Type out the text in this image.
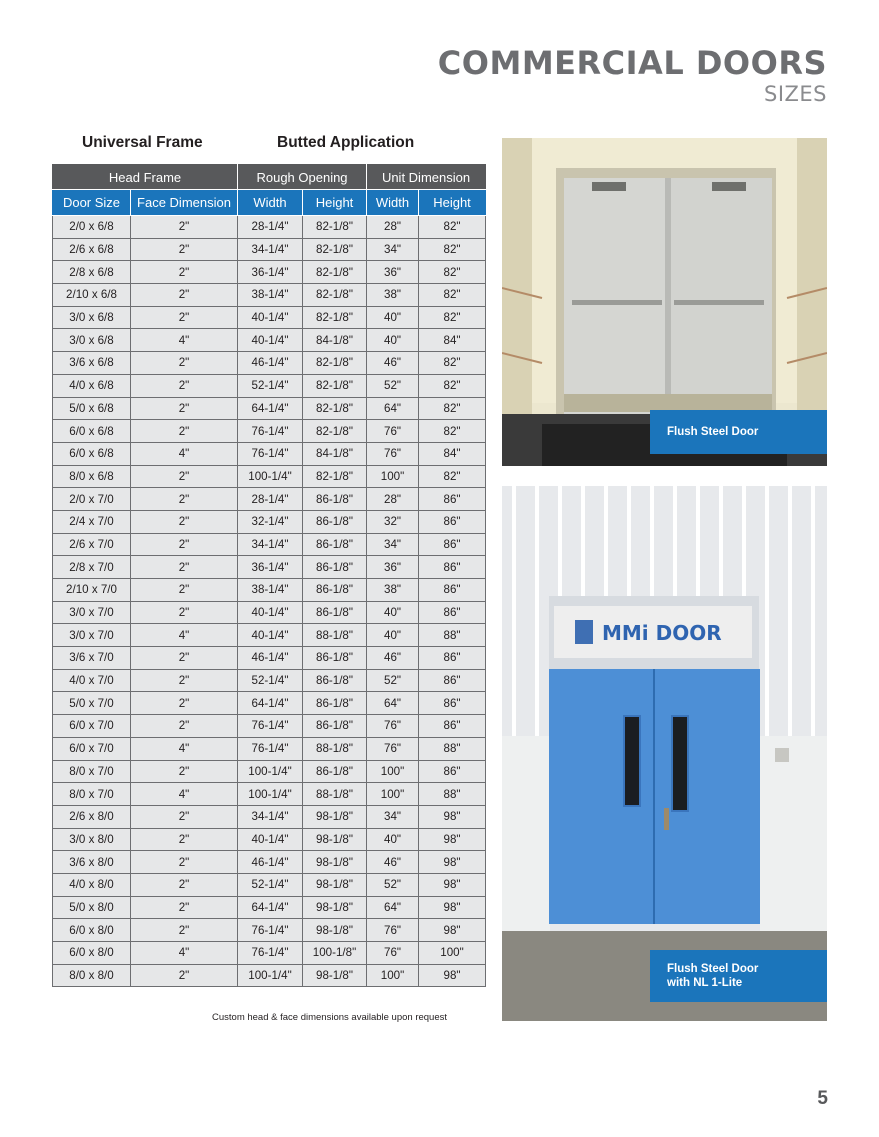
COMMERCIAL DOORS
SIZES
Universal Frame	Butted Application
Head Frame		Rough Opening		Unit Dimension	
Door Size	Face Dimension	Width	Height	Width	Height
2/0 x 6/8	2"	28-1/4"	82-1/8"	28"	82"
2/6 x 6/8	2"	34-1/4"	82-1/8"	34"	82"
2/8 x 6/8	2"	36-1/4"	82-1/8"	36"	82"
2/10 x 6/8	2"	38-1/4"	82-1/8"	38"	82"
3/0 x 6/8	2"	40-1/4"	82-1/8"	40"	82"
3/0 x 6/8	4"	40-1/4"	84-1/8"	40"	84"
3/6 x 6/8	2"	46-1/4"	82-1/8"	46"	82"
4/0 x 6/8	2"	52-1/4"	82-1/8"	52"	82"
5/0 x 6/8	2"	64-1/4"	82-1/8"	64"	82"
6/0 x 6/8	2"	76-1/4"	82-1/8"	76"	82"
6/0 x 6/8	4"	76-1/4"	84-1/8"	76"	84"
8/0 x 6/8	2"	100-1/4"	82-1/8"	100"	82"
2/0 x 7/0	2"	28-1/4"	86-1/8"	28"	86"
2/4 x 7/0	2"	32-1/4"	86-1/8"	32"	86"
2/6 x 7/0	2"	34-1/4"	86-1/8"	34"	86"
2/8 x 7/0	2"	36-1/4"	86-1/8"	36"	86"
2/10 x 7/0	2"	38-1/4"	86-1/8"	38"	86"
3/0 x 7/0	2"	40-1/4"	86-1/8"	40"	86"
3/0 x 7/0	4"	40-1/4"	88-1/8"	40"	88"
3/6 x 7/0	2"	46-1/4"	86-1/8"	46"	86"
4/0 x 7/0	2"	52-1/4"	86-1/8"	52"	86"
5/0 x 7/0	2"	64-1/4"	86-1/8"	64"	86"
6/0 x 7/0	2"	76-1/4"	86-1/8"	76"	86"
6/0 x 7/0	4"	76-1/4"	88-1/8"	76"	88"
8/0 x 7/0	2"	100-1/4"	86-1/8"	100"	86"
8/0 x 7/0	4"	100-1/4"	88-1/8"	100"	88"
2/6 x 8/0	2"	34-1/4"	98-1/8"	34"	98"
3/0 x 8/0	2"	40-1/4"	98-1/8"	40"	98"
3/6 x 8/0	2"	46-1/4"	98-1/8"	46"	98"
4/0 x 8/0	2"	52-1/4"	98-1/8"	52"	98"
5/0 x 8/0	2"	64-1/4"	98-1/8"	64"	98"
6/0 x 8/0	2"	76-1/4"	98-1/8"	76"	98"
6/0 x 8/0	4"	76-1/4"	100-1/8"	76"	100"
8/0 x 8/0	2"	100-1/4"	98-1/8"	100"	98"
Custom head & face dimensions available upon request
Flush Steel Door
MMi DOOR
Flush Steel Door
with NL 1-Lite
5
